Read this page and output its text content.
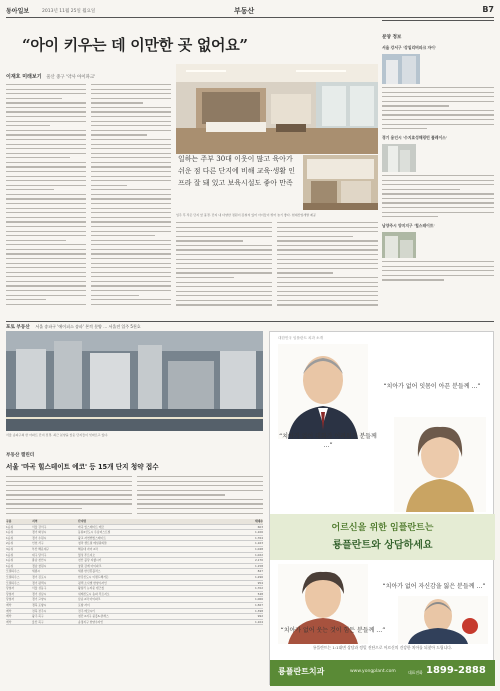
동아일보	2013년 11월 25일 월요일	부동산	B7
“아이 키우는 데 이만한 곳 없어요”
이재호 미래보기 울산 중구 '약사 아이파크'
일하는 주부 30대 이웃이 많고 육아가 쉬운 점 다른 단지에 비해 교육·생활 인프라 잘 돼 있고 보육시설도 좋아 만족
입주 후 작은 단지 앞 풍경. 단지 내 다양한 정원이 갖춰져 있어 아이들이 뛰어 놀기 좋다. 현대산업개발 제공
분양 정보
서울 강서구 '강일리버파크 자이'
경기 용인시 '수지효성해링턴 플레이스'
남양주시 양지지구 '힐스테이트'
포토 부동산 서울 송파구 '에이피스 송파' 본격 분양 … 서울전 입주 5천호
서울 송파구의 한 아파트 단지 전경. 최근 분양을 앞둔 단지들이 잇따르고 있다.
부동산 캘린더
서울 '마곡 힐스테이트 에코' 등 15개 단지 청약 접수
구분	지역	단지명	세대수
1순위	서울 강서구	마곡 힐스테이트 에코	603
1순위	경기 화성시	동탄2신도시 우남퍼스트빌	1,106
1순위	경기 수원시	광교 자연앤힐스테이트	1,764
2순위	인천 서구	청라 센트럴 에일린의뜰	1,163
3순위	부산 해운대구	해운대 자이 2차	1,048
1순위	대구 달서구	월성 푸르지오	1,022
1순위	충남 천안시	천안 불당 지웰시티	2,170
1순위	경남 창원시	창원 감계 아이파크	1,158
모델하우스	세종시	세종 한신휴플러스	847
모델하우스	경기 김포시	한강신도시 이랜드해가든	1,296
모델하우스	경기 평택시	평택 소사벌 한양수자인	954
당첨자	서울 성동구	왕십리 뉴타운 텐즈힐	1,702
당첨자	경기 성남시	위례신도시 송파 푸르지오	548
당첨자	경기 고양시	삼송 2차 아이파크	1,066
계약	경북 포항시	포항 자이	1,567
계약	전북 전주시	전주 에코시티	1,398
계약	광주 북구	첨단 2지구 중흥S-클래스	992
계약	울산 북구	송정지구 한양수자인	1,104
대한민국 임플란트 치과 소개
“치아가 없어 잇몸이 아픈 분들께 …”
“치아가 없어 대화가 어려워진 분들께 …”
어르신을 위한 임플란트는
룡플란트와 상담하세요
“치아가 없어 자신감을 잃은 분들께 …”
“치아가 없어 웃는 것이 힘든 분들께 …”
룡플란트는 1:1대면 상담과 정밀 진단으로 어르신의 건강한 치아를 되찾아 드립니다.
룡플란트치과	www.yongplant.com	대표전화 1899-2888
